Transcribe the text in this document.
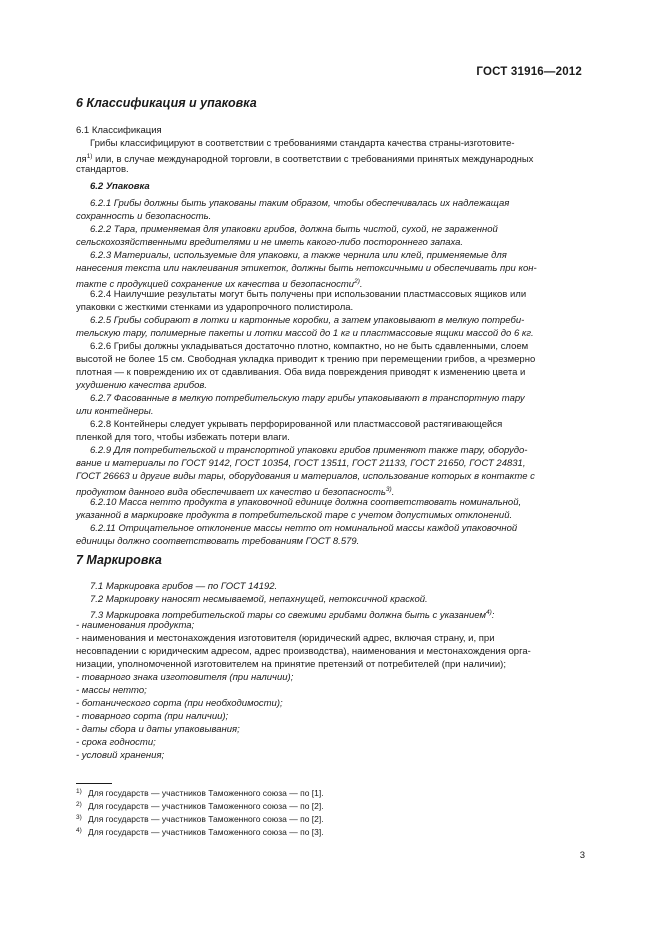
ГОСТ 31916—2012
6 Классификация и упаковка
6.1 Классификация
Грибы классифицируют в соответствии с требованиями стандарта качества страны-изготовите-
$ля^{1)}$ или, в случае международной торговли, в соответствии с требованиями принятых международных
стандартов.
6.2 Упаковка
6.2.1 Грибы должны быть упакованы таким образом, чтобы обеспечивалась их надлежащая
сохранность и безопасность.
6.2.2 Тара, применяемая для упаковки грибов, должна быть чистой, сухой, не зараженной
сельскохозяйственными вредителями и не иметь какого-либо постороннего запаха.
6.2.3 Материалы, используемые для упаковки, а также чернила или клей, применяемые для
нанесения текста или наклеивания этикеток, должны быть нетоксичными и обеспечивать при кон-
такте с продукцией сохранение их качества и безопасности$^{2)}$.
6.2.4 Наилучшие результаты могут быть получены при использовании пластмассовых ящиков или
упаковки с жесткими стенками из ударопрочного полистирола.
6.2.5 Грибы собирают в лотки и картонные коробки, а затем упаковывают в мелкую потреби-
тельскую тару, полимерные пакеты и лотки массой до 1 кг и пластмассовые ящики массой до 6 кг.
6.2.6 Грибы должны укладываться достаточно плотно, компактно, но не быть сдавленными, слоем
высотой не более 15 см. Свободная укладка приводит к трению при перемещении грибов, а чрезмерно
плотная — к повреждению их от сдавливания. Оба вида повреждения приводят к изменению цвета и
ухудшению качества грибов.
6.2.7 Фасованные в мелкую потребительскую тару грибы упаковывают в транспортную тару
или контейнеры.
6.2.8 Контейнеры следует укрывать перфорированной или пластмассовой растягивающейся
пленкой для того, чтобы избежать потери влаги.
6.2.9 Для потребительской и транспортной упаковки грибов применяют также тару, оборудо-
вание и материалы по ГОСТ 9142, ГОСТ 10354, ГОСТ 13511, ГОСТ 21133, ГОСТ 21650, ГОСТ 24831,
ГОСТ 26663 и другие виды тары, оборудования и материалов, использование которых в контакте с
продуктом данного вида обеспечивает их качество и безопасность$^{3)}$.
6.2.10 Масса нетто продукта в упаковочной единице должна соответствовать номинальной,
указанной в маркировке продукта в потребительской таре с учетом допустимых отклонений.
6.2.11 Отрицательное отклонение массы нетто от номинальной массы каждой упаковочной
единицы должно соответствовать требованиям ГОСТ 8.579.
7 Маркировка
7.1 Маркировка грибов — по ГОСТ 14192.
7.2 Маркировку наносят несмываемой, непахнущей, нетоксичной краской.
7.3 Маркировка потребительской тары со свежими грибами должна быть с указанием$^{4)}$:
- наименования продукта;
- наименования и местонахождения изготовителя (юридический адрес, включая страну, и, при
несовпадении с юридическим адресом, адрес производства), наименования и местонахождения орга-
низации, уполномоченной изготовителем на принятие претензий от потребителей (при наличии);
- товарного знака изготовителя (при наличии);
- массы нетто;
- ботанического сорта (при необходимости);
- товарного сорта (при наличии);
- даты сбора и даты упаковывания;
- срока годности;
- условий хранения;
1) Для государств — участников Таможенного союза — по [1].
2) Для государств — участников Таможенного союза — по [2].
3) Для государств — участников Таможенного союза — по [2].
4) Для государств — участников Таможенного союза — по [3].
3
